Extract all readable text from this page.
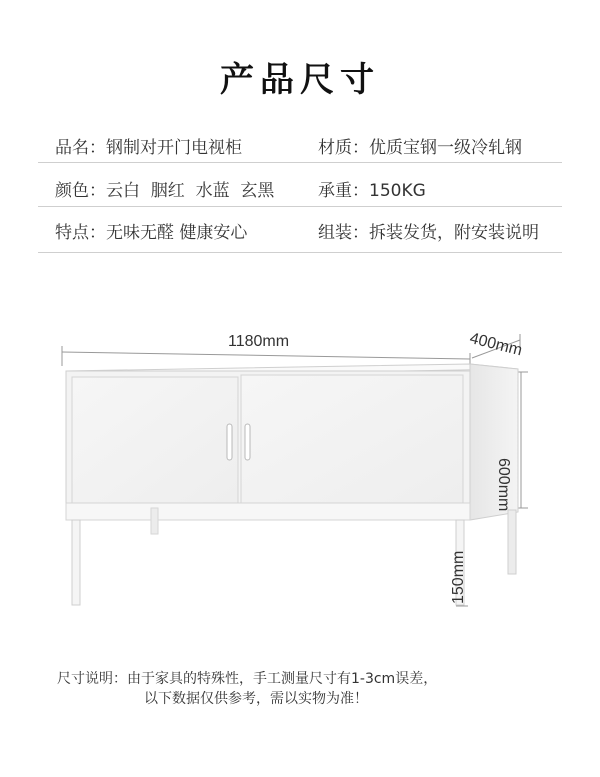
产品尺寸
品名：钢制对开门电视柜	材质：优质宝钢一级冷轧钢
颜色：云白  胭红  水蓝  玄黑	承重：150KG
特点：无味无醛 健康安心	组装：拆装发货，附安装说明
1180mm	400mm
600mm
150mm
尺寸说明：由于家具的特殊性，手工测量尺寸有1-3cm误差，
以下数据仅供参考，需以实物为准！
